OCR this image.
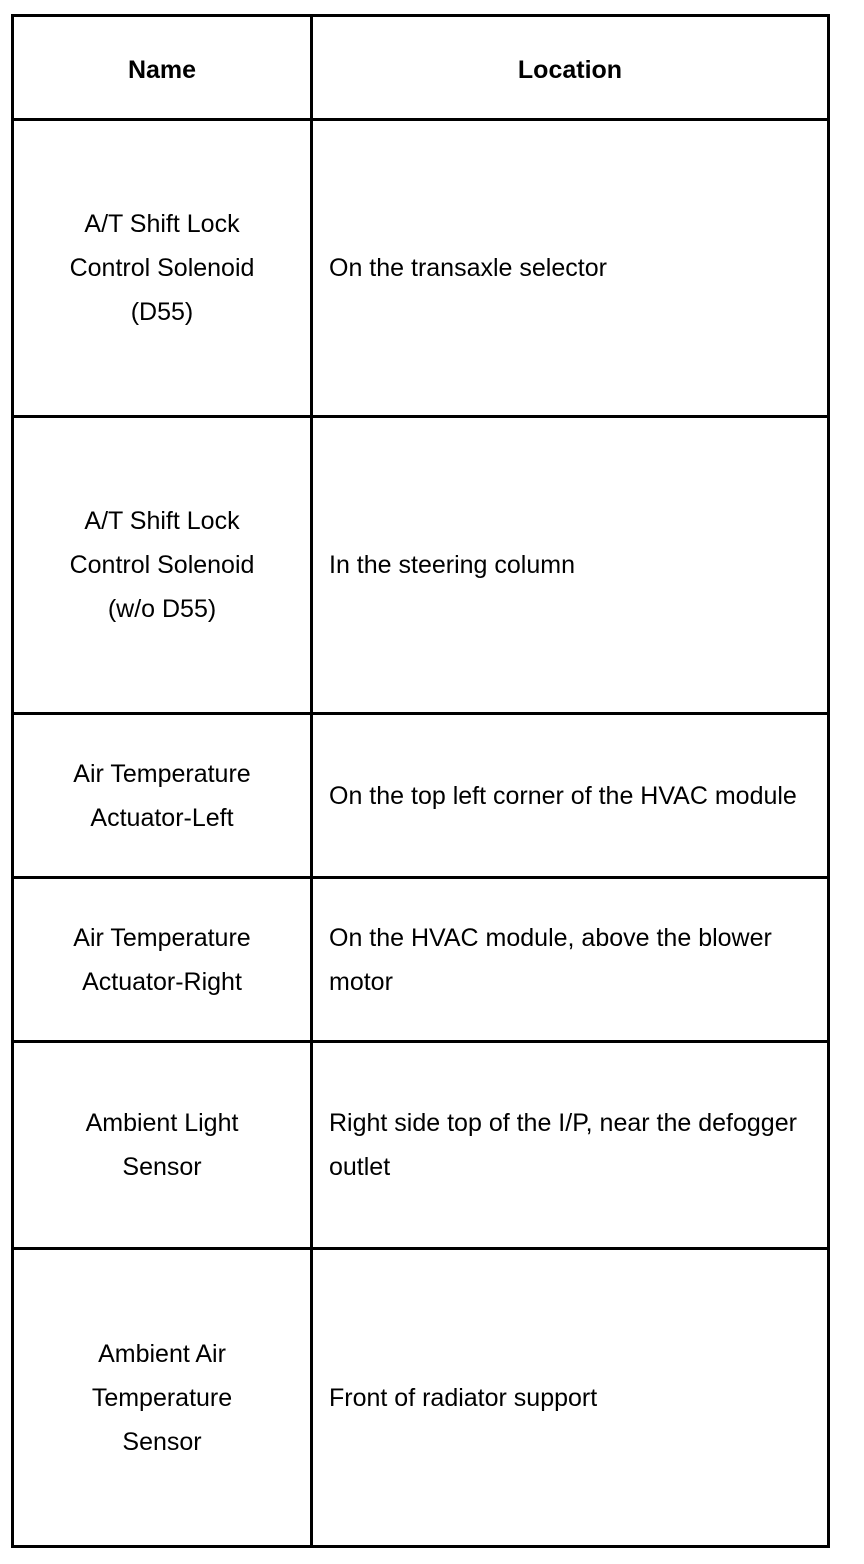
Name	Location

A/T Shift Lock
Control Solenoid
(D55)	On the transaxle selector

A/T Shift Lock
Control Solenoid
(w/o D55)	In the steering column

Air Temperature
Actuator-Left	On the top left corner of the HVAC module

Air Temperature
Actuator-Right	On the HVAC module, above the blower motor

Ambient Light
Sensor	Right side top of the I/P, near the defogger outlet

Ambient Air
Temperature
Sensor	Front of radiator support
